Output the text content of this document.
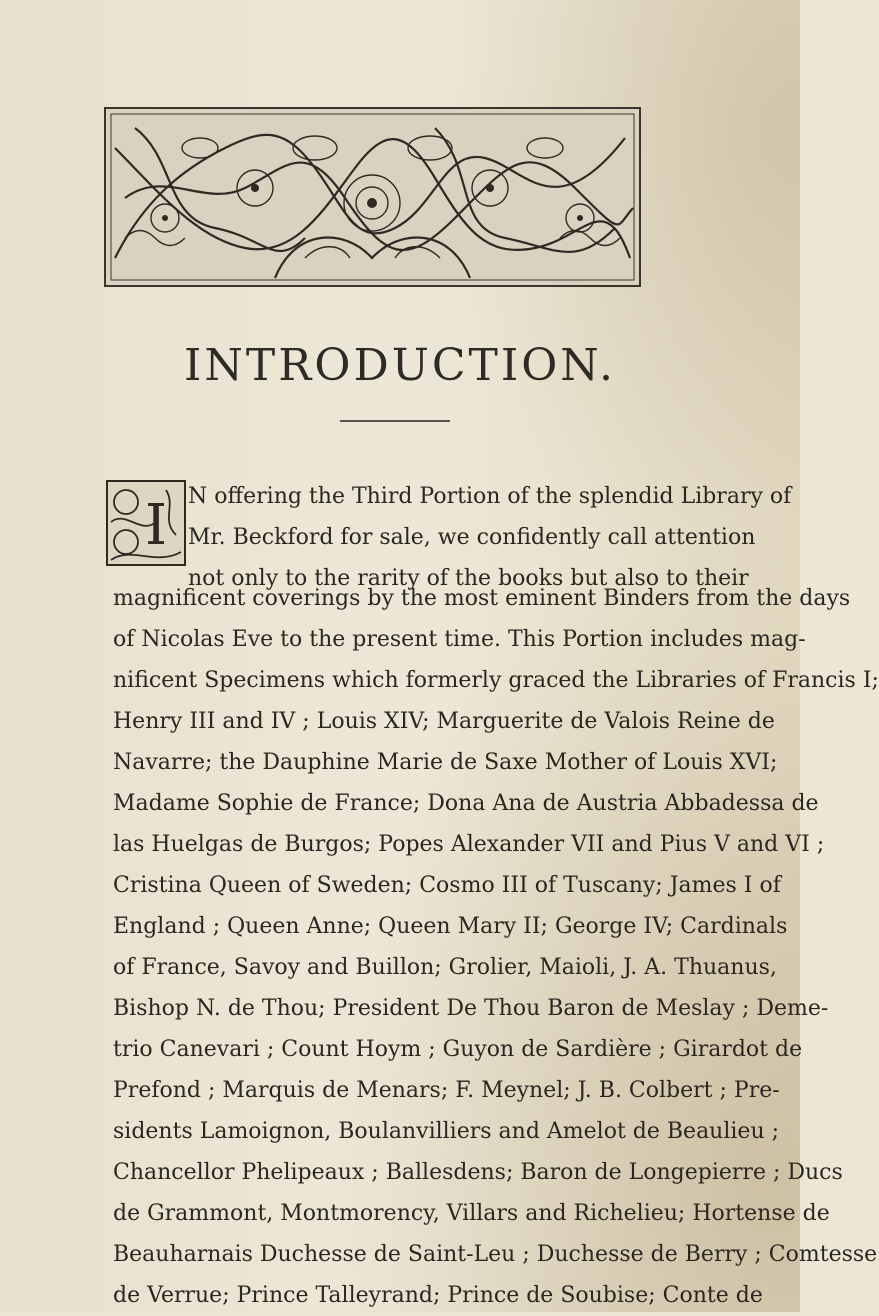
INTRODUCTION.
I N offering the Third Portion of the splendid Library of
Mr. Beckford for sale, we confidently call attention
not only to the rarity of the books but also to their
magnificent coverings by the most eminent Binders from the days
of Nicolas Eve to the present time. This Portion includes mag-
nificent Specimens which formerly graced the Libraries of Francis I;
Henry III and IV ; Louis XIV; Marguerite de Valois Reine de
Navarre; the Dauphine Marie de Saxe Mother of Louis XVI;
Madame Sophie de France; Dona Ana de Austria Abbadessa de
las Huelgas de Burgos; Popes Alexander VII and Pius V and VI ;
Cristina Queen of Sweden; Cosmo III of Tuscany; James I of
England ; Queen Anne; Queen Mary II; George IV; Cardinals
of France, Savoy and Buillon; Grolier, Maioli, J. A. Thuanus,
Bishop N. de Thou; President De Thou Baron de Meslay ; Deme-
trio Canevari ; Count Hoym ; Guyon de Sardière ; Girardot de
Prefond ; Marquis de Menars; F. Meynel; J. B. Colbert ; Pre-
sidents Lamoignon, Boulanvilliers and Amelot de Beaulieu ;
Chancellor Phelipeaux ; Ballesdens; Baron de Longepierre ; Ducs
de Grammont, Montmorency, Villars and Richelieu; Hortense de
Beauharnais Duchesse de Saint-Leu ; Duchesse de Berry ; Comtesse
de Verrue; Prince Talleyrand; Prince de Soubise; Conte de
